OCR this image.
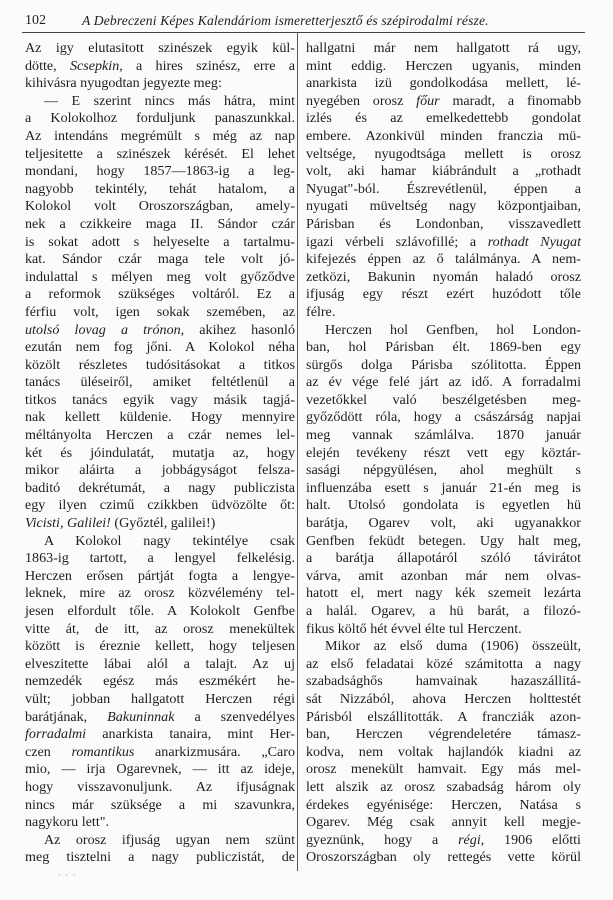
102	A Debreczeni Képes Kalendáriom ismeretterjesztő és szépirodalmi része.
Az igy elutasitott szinészek egyik kül-
dötte, Scsepkin, a hires szinész, erre a
kihivásra nyugodtan jegyezte meg:
— E szerint nincs más hátra, mint
a Kolokolhoz forduljunk panaszunkkal.
Az intendáns megrémült s még az nap
teljesitette a szinészek kérését. El lehet
mondani, hogy 1857—1863-ig a leg-
nagyobb tekintély, tehát hatalom, a
Kolokol volt Oroszországban, amely-
nek a czikkeire maga II. Sándor czár
is sokat adott s helyeselte a tartalmu-
kat. Sándor czár maga tele volt jó-
indulattal s mélyen meg volt győződve
a reformok szükséges voltáról. Ez a
férfiu volt, igen sokak szemében, az
utolsó lovag a trónon, akihez hasonló
ezután nem fog jőni. A Kolokol néha
közölt részletes tudósitásokat a titkos
tanács üléseiről, amiket feltétlenül a
titkos tanács egyik vagy másik tagjá-
nak kellett küldenie. Hogy mennyire
méltányolta Herczen a czár nemes lel-
két és jóindulatát, mutatja az, hogy
mikor aláirta a jobbágyságot felsza-
baditó dekrétumát, a nagy publiczista
egy ilyen czimű czikkben üdvözölte őt:
Vicisti, Galilei! (Győztél, galilei!)
A Kolokol nagy tekintélye csak
1863-ig tartott, a lengyel felkelésig.
Herczen erősen pártját fogta a lengye-
leknek, mire az orosz közvélemény tel-
jesen elfordult tőle. A Kolokolt Genfbe
vitte át, de itt, az orosz menekültek
között is éreznie kellett, hogy teljesen
elveszitette lábai alól a talajt. Az uj
nemzedék egész más eszmékért he-
vült; jobban hallgatott Herczen régi
barátjának, Bakuninnak a szenvedélyes
forradalmi anarkista tanaira, mint Her-
czen romantikus anarkizmusára. „Caro
mio, — irja Ogarevnek, — itt az ideje,
hogy visszavonuljunk. Az ifjuságnak
nincs már szüksége a mi szavunkra,
nagykoru lett".
Az orosz ifjuság ugyan nem szünt
meg tisztelni a nagy publiczistát, de
hallgatni már nem hallgatott rá ugy,
mint eddig. Herczen ugyanis, minden
anarkista izü gondolkodása mellett, lé-
nyegében orosz főur maradt, a finomabb
izlés és az emelkedettebb gondolat
embere. Azonkivül minden franczia mü-
veltsége, nyugodtsága mellett is orosz
volt, aki hamar kiábrándult a „rothadt
Nyugat"-ból. Észrevétlenül, éppen a
nyugati müveltség nagy központjaiban,
Párisban és Londonban, visszavedlett
igazi vérbeli szlávofillé; a rothadt Nyugat
kifejezés éppen az ő találmánya. A nem-
zetközi, Bakunin nyomán haladó orosz
ifjuság egy részt ezért huzódott tőle
félre.
Herczen hol Genfben, hol London-
ban, hol Párisban élt. 1869-ben egy
sürgős dolga Párisba szólitotta. Éppen
az év vége felé járt az idő. A forradalmi
vezetőkkel való beszélgetésben meg-
győződött róla, hogy a császárság napjai
meg vannak számlálva. 1870 január
elején tevékeny részt vett egy köztár-
sasági népgyülésen, ahol meghült s
influenzába esett s január 21-én meg is
halt. Utolsó gondolata is egyetlen hü
barátja, Ogarev volt, aki ugyanakkor
Genfben feküdt betegen. Ugy halt meg,
a barátja állapotáról szóló távirátot
várva, amit azonban már nem olvas-
hatott el, mert nagy kék szemeit lezárta
a halál. Ogarev, a hü barát, a filozó-
fikus költő hét évvel élte tul Herczent.
Mikor az első duma (1906) összeült,
az első feladatai közé számitotta a nagy
szabadsághős hamvainak hazaszállitá-
sát Nizzából, ahova Herczen holttestét
Párisból elszállitották. A francziák azon-
ban, Herczen végrendeletére támasz-
kodva, nem voltak hajlandók kiadni az
orosz menekült hamvait. Egy más mel-
lett alszik az orosz szabadság három oly
érdekes egyénisége: Herczen, Natása s
Ogarev. Még csak annyit kell megje-
gyeznünk, hogy a régi, 1906 előtti
Oroszországban oly rettegés vette körül
· · ·
